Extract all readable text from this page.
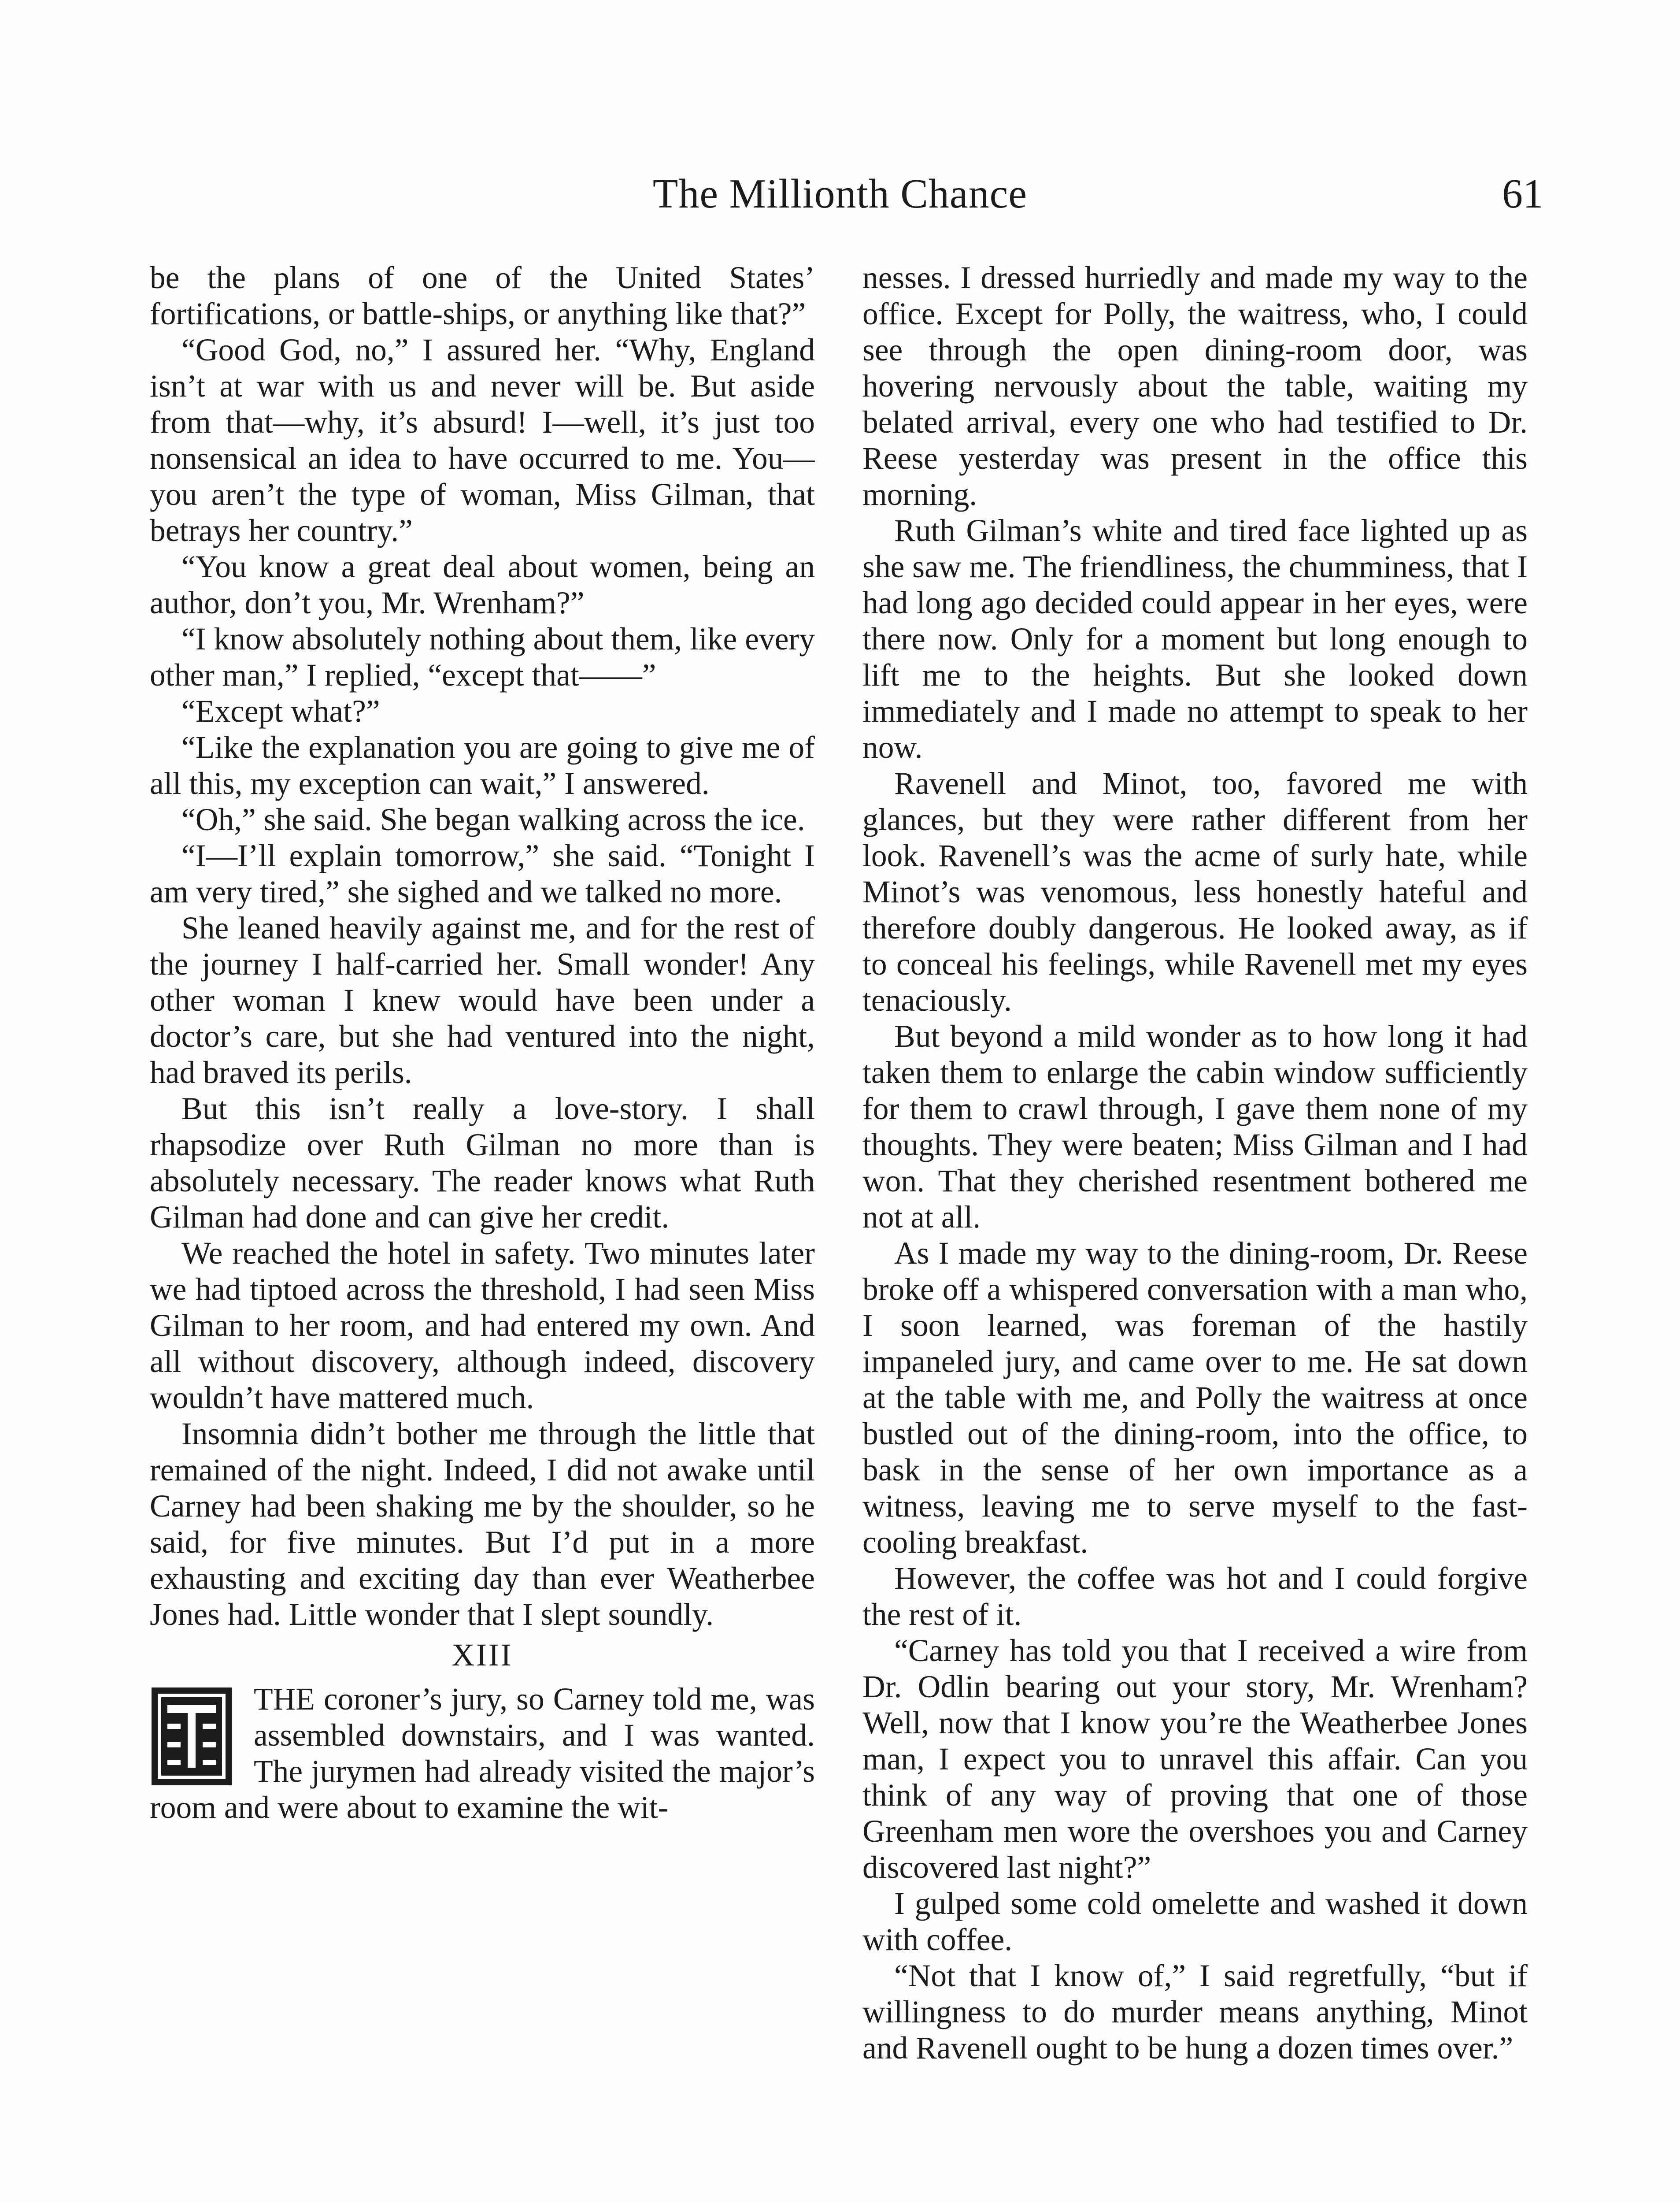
The Millionth Chance	61

be the plans of one of the United States’ fortifications, or battle-ships, or anything like that?”

“Good God, no,” I assured her. “Why, England isn’t at war with us and never will be. But aside from that—why, it’s absurd! I—well, it’s just too nonsensical an idea to have occurred to me. You—you aren’t the type of woman, Miss Gilman, that betrays her country.”

“You know a great deal about women, being an author, don’t you, Mr. Wrenham?”

“I know absolutely nothing about them, like every other man,” I replied, “except that——”

“Except what?”

“Like the explanation you are going to give me of all this, my exception can wait,” I answered.

“Oh,” she said. She began walking across the ice.

“I—I’ll explain tomorrow,” she said. “Tonight I am very tired,” she sighed and we talked no more.

She leaned heavily against me, and for the rest of the journey I half-carried her. Small wonder! Any other woman I knew would have been under a doctor’s care, but she had ventured into the night, had braved its perils.

But this isn’t really a love-story. I shall rhapsodize over Ruth Gilman no more than is absolutely necessary. The reader knows what Ruth Gilman had done and can give her credit.

We reached the hotel in safety. Two minutes later we had tiptoed across the threshold, I had seen Miss Gilman to her room, and had entered my own. And all without discovery, although indeed, discovery wouldn’t have mattered much.

Insomnia didn’t bother me through the little that remained of the night. Indeed, I did not awake until Carney had been shaking me by the shoulder, so he said, for five minutes. But I’d put in a more exhausting and exciting day than ever Weatherbee Jones had. Little wonder that I slept soundly.

XIII

THE coroner’s jury, so Carney told me, was assembled downstairs, and I was wanted. The jurymen had already visited the major’s room and were about to examine the wit-

nesses. I dressed hurriedly and made my way to the office. Except for Polly, the waitress, who, I could see through the open dining-room door, was hovering nervously about the table, waiting my belated arrival, every one who had testified to Dr. Reese yesterday was present in the office this morning.

Ruth Gilman’s white and tired face lighted up as she saw me. The friendliness, the chumminess, that I had long ago decided could appear in her eyes, were there now. Only for a moment but long enough to lift me to the heights. But she looked down immediately and I made no attempt to speak to her now.

Ravenell and Minot, too, favored me with glances, but they were rather different from her look. Ravenell’s was the acme of surly hate, while Minot’s was venomous, less honestly hateful and therefore doubly dangerous. He looked away, as if to conceal his feelings, while Ravenell met my eyes tenaciously.

But beyond a mild wonder as to how long it had taken them to enlarge the cabin window sufficiently for them to crawl through, I gave them none of my thoughts. They were beaten; Miss Gilman and I had won. That they cherished resentment bothered me not at all.

As I made my way to the dining-room, Dr. Reese broke off a whispered conversation with a man who, I soon learned, was foreman of the hastily impaneled jury, and came over to me. He sat down at the table with me, and Polly the waitress at once bustled out of the dining-room, into the office, to bask in the sense of her own importance as a witness, leaving me to serve myself to the fast-cooling breakfast.

However, the coffee was hot and I could forgive the rest of it.

“Carney has told you that I received a wire from Dr. Odlin bearing out your story, Mr. Wrenham? Well, now that I know you’re the Weatherbee Jones man, I expect you to unravel this affair. Can you think of any way of proving that one of those Greenham men wore the overshoes you and Carney discovered last night?”

I gulped some cold omelette and washed it down with coffee.

“Not that I know of,” I said regretfully, “but if willingness to do murder means anything, Minot and Ravenell ought to be hung a dozen times over.”
